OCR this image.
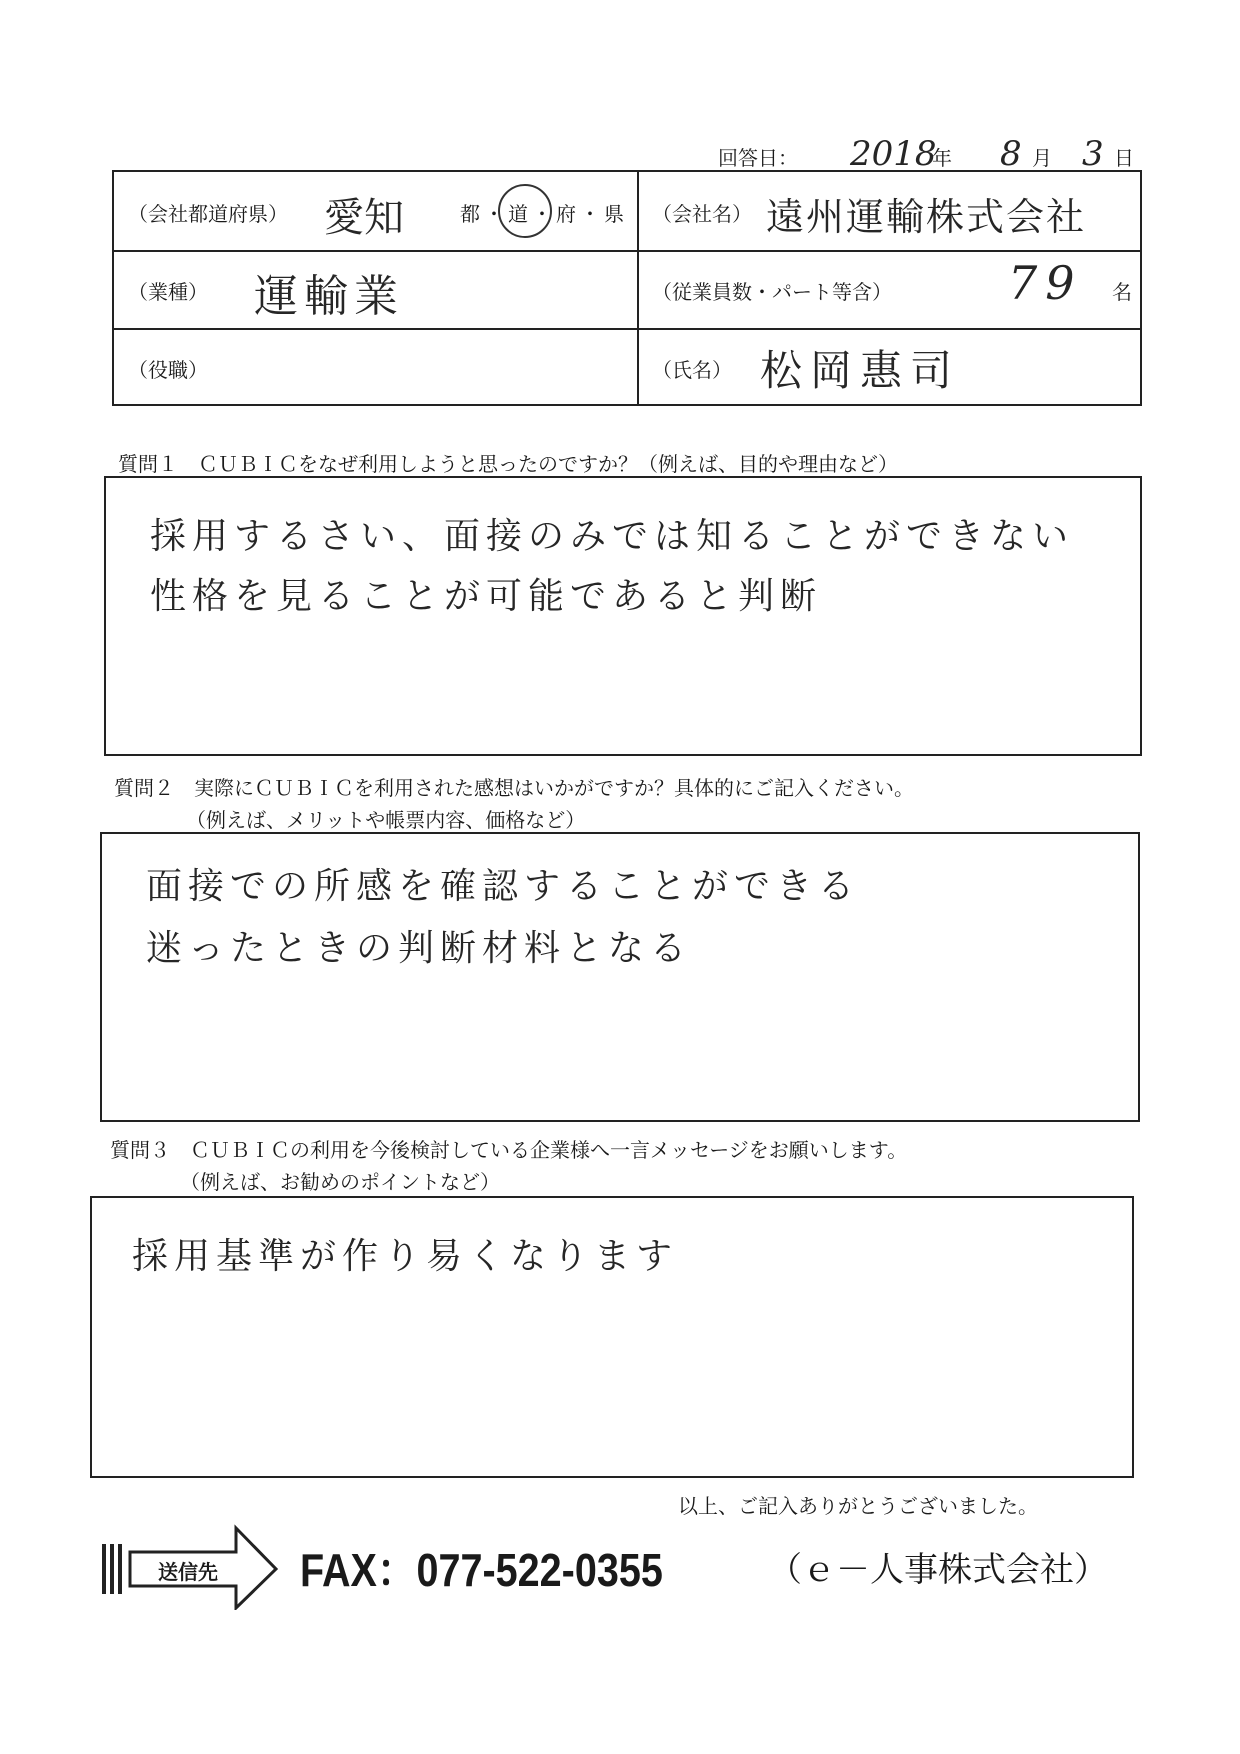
回答日： 2018
年 8 月 3 日
（会社都道府県） 愛知	都・道・府・県 （会社名） 遠州運輸株式会社
（業種） 運輸業	（従業員数・パート等含）	79 名
（役職）	（氏名） 松岡惠司
質問１　ＣＵＢＩＣをなぜ利用しようと思ったのですか？（例えば、目的や理由など）
採用するさい、面接のみでは知ることができない
性格を見ることが可能であると判断
質問２　実際にＣＵＢＩＣを利用された感想はいかがですか？具体的にご記入ください。
（例えば、メリットや帳票内容、価格など）
面接での所感を確認することができる
迷ったときの判断材料となる
質問３　ＣＵＢＩＣの利用を今後検討している企業様へ一言メッセージをお願いします。
（例えば、お勧めのポイントなど）
採用基準が作り易くなります
以上、ご記入ありがとうございました。
送信先 FAX：077-522-0355	（ｅ－人事株式会社）
